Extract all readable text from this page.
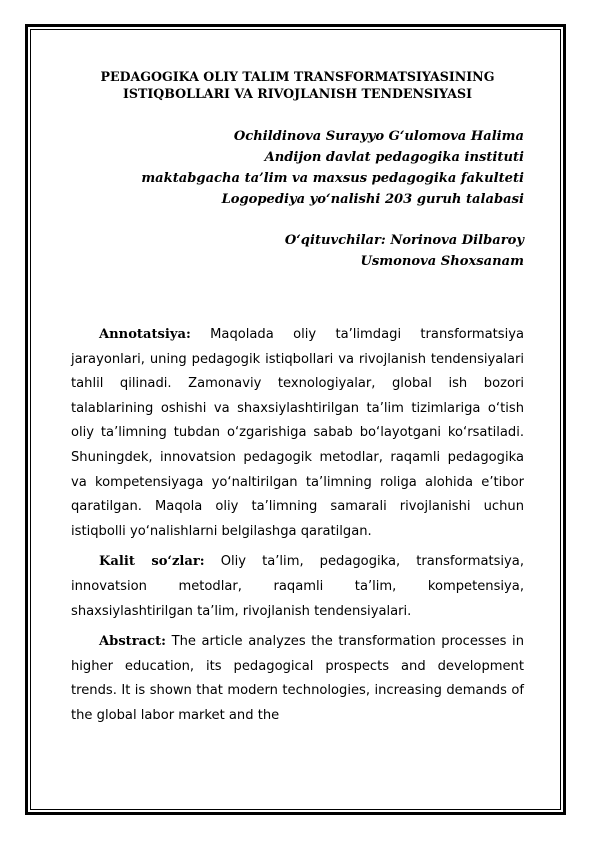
PEDAGOGIKA OLIY TALIM TRANSFORMATSIYASINING
ISTIQBOLLARI VA RIVOJLANISH TENDENSIYASI
Ochildinova Surayyo G‘ulomova Halima
Andijon davlat pedagogika instituti
maktabgacha ta’lim va maxsus pedagogika fakulteti
Logopediya yo‘nalishi 203 guruh talabasi
O‘qituvchilar: Norinova Dilbaroy
Usmonova Shoxsanam

Annotatsiya: Maqolada oliy ta’limdagi transformatsiya jarayonlari, uning pedagogik istiqbollari va rivojlanish tendensiyalari tahlil qilinadi. Zamonaviy texnologiyalar, global ish bozori talablarining oshishi va shaxsiylashtirilgan ta’lim tizimlariga o‘tish oliy ta’limning tubdan o‘zgarishiga sabab bo‘layotgani ko‘rsatiladi. Shuningdek, innovatsion pedagogik metodlar, raqamli pedagogika va kompetensiyaga yo‘naltirilgan ta’limning roliga alohida e’tibor qaratilgan. Maqola oliy ta’limning samarali rivojlanishi uchun istiqbolli yo‘nalishlarni belgilashga qaratilgan.

Kalit so‘zlar: Oliy ta’lim, pedagogika, transformatsiya, innovatsion metodlar, raqamli ta’lim, kompetensiya, shaxsiylashtirilgan ta’lim, rivojlanish tendensiyalari.

Abstract: The article analyzes the transformation processes in higher education, its pedagogical prospects and development trends. It is shown that modern technologies, increasing demands of the global labor market and the
